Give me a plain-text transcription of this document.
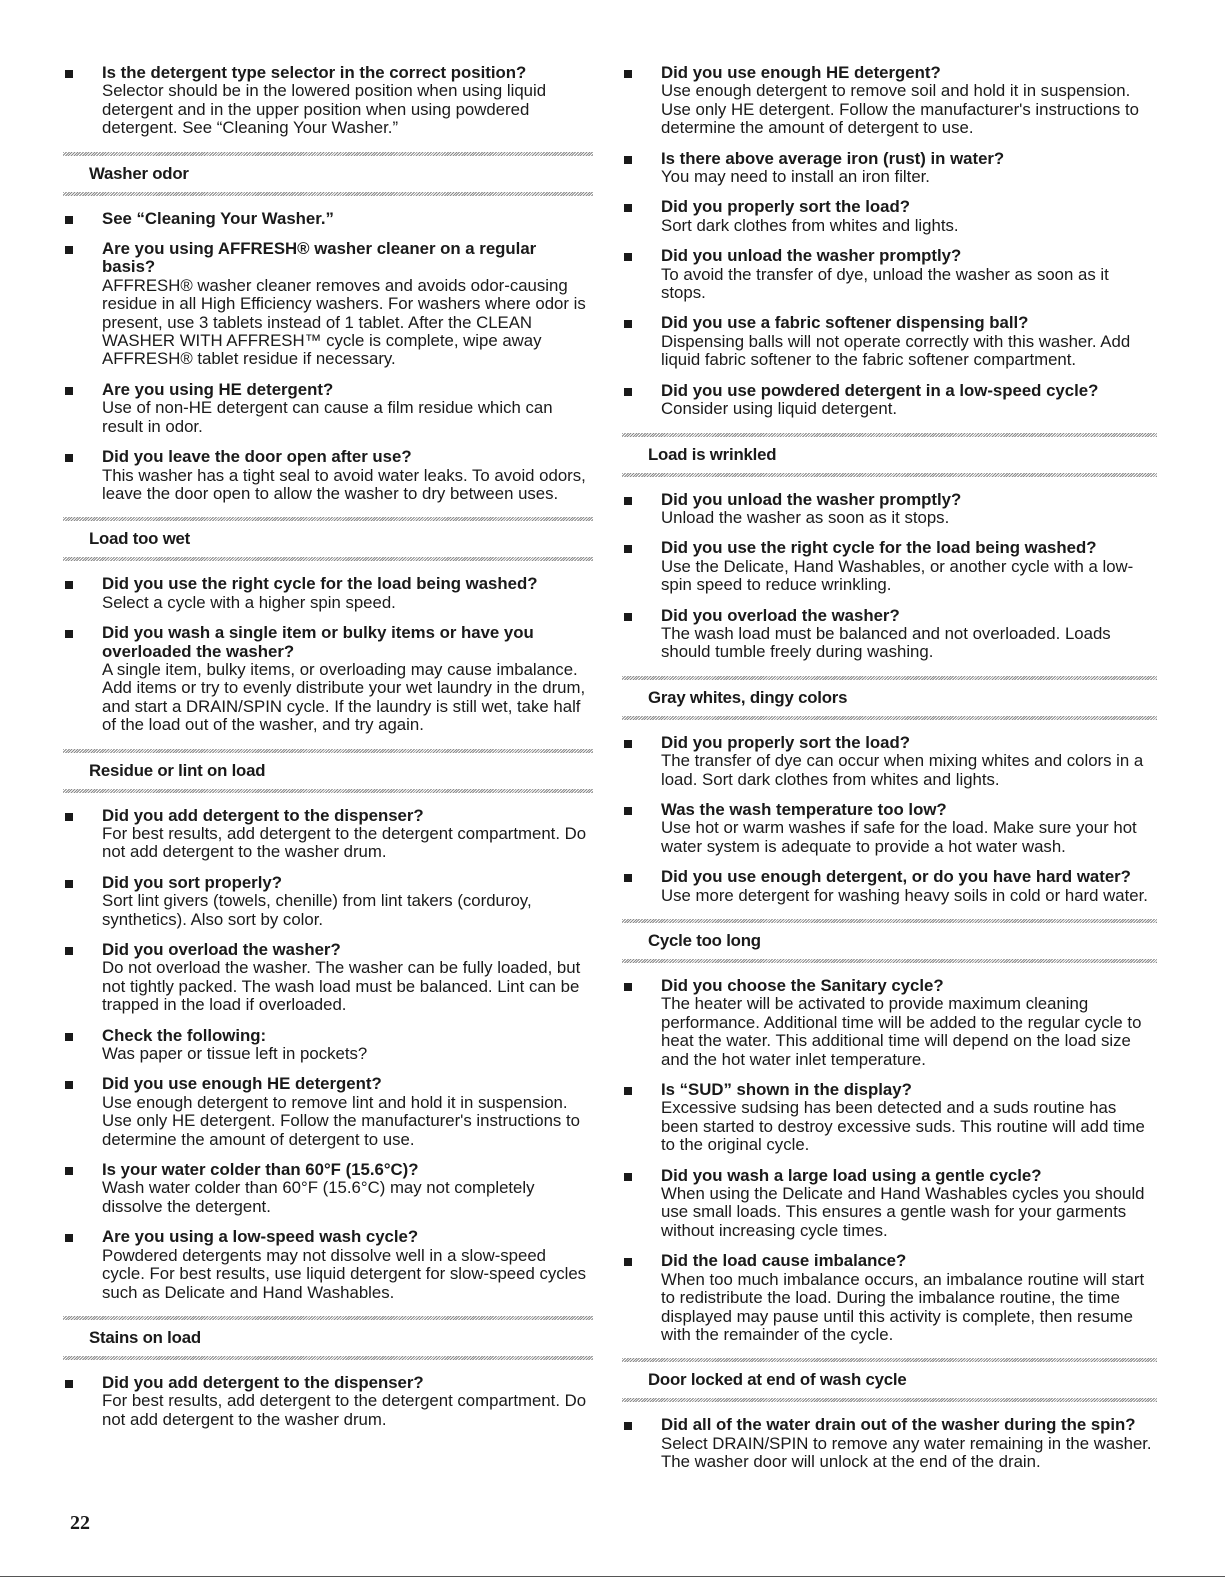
Is the detergent type selector in the correct position?
Selector should be in the lowered position when using liquid detergent and in the upper position when using powdered detergent. See “Cleaning Your Washer.”
Washer odor
See “Cleaning Your Washer.”
Are you using AFFRESH® washer cleaner on a regular basis?
AFFRESH® washer cleaner removes and avoids odor-causing residue in all High Efficiency washers. For washers where odor is present, use 3 tablets instead of 1 tablet. After the CLEAN WASHER WITH AFFRESH™ cycle is complete, wipe away AFFRESH® tablet residue if necessary.
Are you using HE detergent?
Use of non-HE detergent can cause a film residue which can result in odor.
Did you leave the door open after use?
This washer has a tight seal to avoid water leaks. To avoid odors, leave the door open to allow the washer to dry between uses.
Load too wet
Did you use the right cycle for the load being washed?
Select a cycle with a higher spin speed.
Did you wash a single item or bulky items or have you overloaded the washer?
A single item, bulky items, or overloading may cause imbalance. Add items or try to evenly distribute your wet laundry in the drum, and start a DRAIN/SPIN cycle. If the laundry is still wet, take half of the load out of the washer, and try again.
Residue or lint on load
Did you add detergent to the dispenser?
For best results, add detergent to the detergent compartment. Do not add detergent to the washer drum.
Did you sort properly?
Sort lint givers (towels, chenille) from lint takers (corduroy, synthetics). Also sort by color.
Did you overload the washer?
Do not overload the washer. The washer can be fully loaded, but not tightly packed. The wash load must be balanced. Lint can be trapped in the load if overloaded.
Check the following:
Was paper or tissue left in pockets?
Did you use enough HE detergent?
Use enough detergent to remove lint and hold it in suspension. Use only HE detergent. Follow the manufacturer's instructions to determine the amount of detergent to use.
Is your water colder than 60°F (15.6°C)?
Wash water colder than 60°F (15.6°C) may not completely dissolve the detergent.
Are you using a low-speed wash cycle?
Powdered detergents may not dissolve well in a slow-speed cycle. For best results, use liquid detergent for slow-speed cycles such as Delicate and Hand Washables.
Stains on load
Did you add detergent to the dispenser?
For best results, add detergent to the detergent compartment. Do not add detergent to the washer drum.
Did you use enough HE detergent?
Use enough detergent to remove soil and hold it in suspension. Use only HE detergent. Follow the manufacturer's instructions to determine the amount of detergent to use.
Is there above average iron (rust) in water?
You may need to install an iron filter.
Did you properly sort the load?
Sort dark clothes from whites and lights.
Did you unload the washer promptly?
To avoid the transfer of dye, unload the washer as soon as it stops.
Did you use a fabric softener dispensing ball?
Dispensing balls will not operate correctly with this washer. Add liquid fabric softener to the fabric softener compartment.
Did you use powdered detergent in a low-speed cycle?
Consider using liquid detergent.
Load is wrinkled
Did you unload the washer promptly?
Unload the washer as soon as it stops.
Did you use the right cycle for the load being washed?
Use the Delicate, Hand Washables, or another cycle with a low-spin speed to reduce wrinkling.
Did you overload the washer?
The wash load must be balanced and not overloaded. Loads should tumble freely during washing.
Gray whites, dingy colors
Did you properly sort the load?
The transfer of dye can occur when mixing whites and colors in a load. Sort dark clothes from whites and lights.
Was the wash temperature too low?
Use hot or warm washes if safe for the load. Make sure your hot water system is adequate to provide a hot water wash.
Did you use enough detergent, or do you have hard water?
Use more detergent for washing heavy soils in cold or hard water.
Cycle too long
Did you choose the Sanitary cycle?
The heater will be activated to provide maximum cleaning performance. Additional time will be added to the regular cycle to heat the water. This additional time will depend on the load size and the hot water inlet temperature.
Is “SUD” shown in the display?
Excessive sudsing has been detected and a suds routine has been started to destroy excessive suds. This routine will add time to the original cycle.
Did you wash a large load using a gentle cycle?
When using the Delicate and Hand Washables cycles you should use small loads. This ensures a gentle wash for your garments without increasing cycle times.
Did the load cause imbalance?
When too much imbalance occurs, an imbalance routine will start to redistribute the load. During the imbalance routine, the time displayed may pause until this activity is complete, then resume with the remainder of the cycle.
Door locked at end of wash cycle
Did all of the water drain out of the washer during the spin?
Select DRAIN/SPIN to remove any water remaining in the washer. The washer door will unlock at the end of the drain.
22
